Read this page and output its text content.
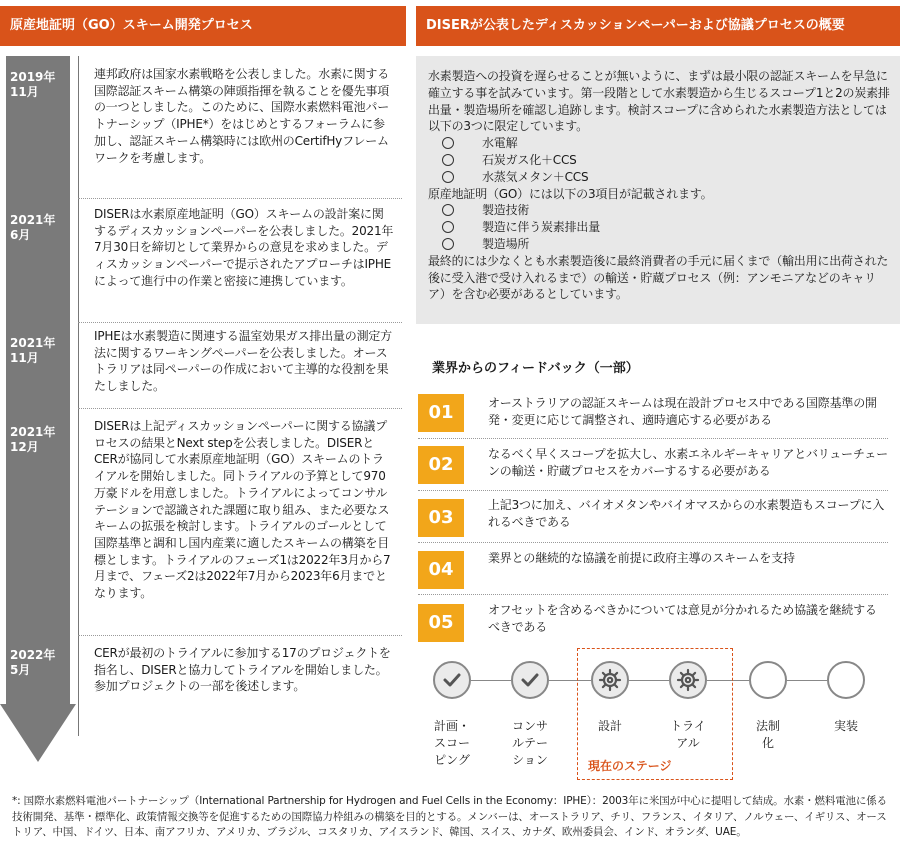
原産地証明（GO）スキーム開発プロセス	DISERが公表したディスカッションペーパーおよび協議プロセスの概要
2019年
11月
連邦政府は国家水素戦略を公表しました。水素に関する国際認証スキーム構築の陣頭指揮を執ることを優先事項の一つとしました。このために、国際水素燃料電池パートナーシップ（IPHE*）をはじめとするフォーラムに参加し、認証スキーム構築時には欧州のCertifHyフレームワークを考慮します。
2021年
6月
DISERは水素原産地証明（GO）スキームの設計案に関するディスカッションペーパーを公表しました。2021年7月30日を締切として業界からの意見を求めました。ディスカッションペーパーで提示されたアプローチはIPHEによって進行中の作業と密接に連携しています。
2021年
11月
IPHEは水素製造に関連する温室効果ガス排出量の測定方法に関するワーキングペーパーを公表しました。オーストラリアは同ペーパーの作成において主導的な役割を果たしました。
2021年
12月
DISERは上記ディスカッションペーパーに関する協議プロセスの結果とNext stepを公表しました。DISERとCERが協同して水素原産地証明（GO）スキームのトライアルを開始しました。同トライアルの予算として970万豪ドルを用意しました。トライアルによってコンサルテーションで認識された課題に取り組み、また必要なスキームの拡張を検討します。トライアルのゴールとして国際基準と調和し国内産業に適したスキームの構築を目標とします。トライアルのフェーズ1は2022年3月から7月まで、フェーズ2は2022年7月から2023年6月までとなります。
2022年
5月
CERが最初のトライアルに参加する17のプロジェクトを指名し、DISERと協力してトライアルを開始しました。参加プロジェクトの一部を後述します。
水素製造への投資を遅らせることが無いように、まずは最小限の認証スキームを早急に確立する事を試みています。第一段階として水素製造から生じるスコープ1と2の炭素排出量・製造場所を確認し追跡します。検討スコープに含められた水素製造方法としては以下の3つに限定しています。
水電解
石炭ガス化＋CCS
水蒸気メタン＋CCS
原産地証明（GO）には以下の3項目が記載されます。
製造技術
製造に伴う炭素排出量
製造場所
最終的には少なくとも水素製造後に最終消費者の手元に届くまで（輸出用に出荷された後に受入港で受け入れるまで）の輸送・貯蔵プロセス（例：アンモニアなどのキャリア）を含む必要があるとしています。
業界からのフィードバック（一部）
01	オーストラリアの認証スキームは現在設計プロセス中である国際基準の開発・変更に応じて調整され、適時適応する必要がある
02	なるべく早くスコープを拡大し、水素エネルギーキャリアとバリューチェーンの輸送・貯蔵プロセスをカバーするする必要がある
03
上記3つに加え、バイオメタンやバイオマスからの水素製造もスコープに入れるべきである
04
業界との継続的な協議を前提に政府主導のスキームを支持
05
オフセットを含めるべきかについては意見が分かれるため協議を継続するべきである
計画・
スコー
ピング
コンサ
ルテー
ション
設計	トライ
アル
法制
化
実装
現在のステージ
*: 国際水素燃料電池パートナーシップ（International Partnership for Hydrogen and Fuel Cells in the Economy：IPHE）：2003年に米国が中心に提唱して結成。水素・燃料電池に係る技術開発、基準・標準化、政策情報交換等を促進するための国際協力枠組みの構築を目的とする。メンバーは、オーストラリア、チリ、フランス、イタリア、ノルウェー、イギリス、オーストリア、中国、ドイツ、日本、南アフリカ、アメリカ、ブラジル、コスタリカ、アイスランド、韓国、スイス、カナダ、欧州委員会、インド、オランダ、UAE。
